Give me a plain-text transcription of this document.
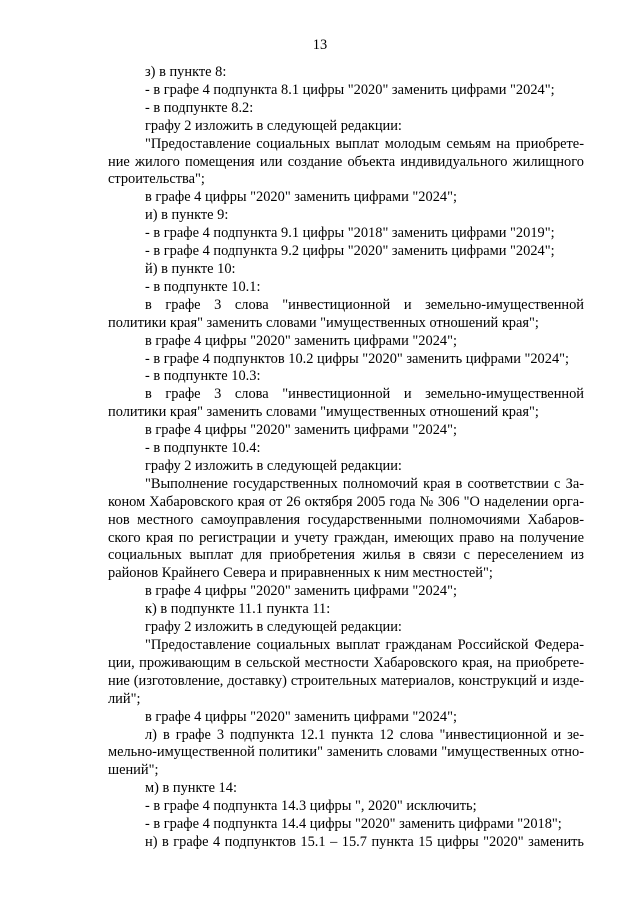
13

з) в пункте 8:

- в графе 4 подпункта 8.1 цифры "2020" заменить цифрами "2024";

- в подпункте 8.2:

графу 2 изложить в следующей редакции:

"Предоставление социальных выплат молодым семьям на приобретение жилого помещения или создание объекта индивидуального жилищного строительства";

в графе 4 цифры "2020" заменить цифрами "2024";

и) в пункте 9:

- в графе 4 подпункта 9.1 цифры "2018" заменить цифрами "2019";

- в графе 4 подпункта 9.2 цифры "2020" заменить цифрами "2024";

й) в пункте 10:

- в подпункте 10.1:

в графе 3 слова "инвестиционной и земельно-имущественной политики края" заменить словами "имущественных отношений края";

в графе 4 цифры "2020" заменить цифрами "2024";

- в графе 4 подпунктов 10.2 цифры "2020" заменить цифрами "2024";

- в подпункте 10.3:

в графе 3 слова "инвестиционной и земельно-имущественной политики края" заменить словами "имущественных отношений края";

в графе 4 цифры "2020" заменить цифрами "2024";

- в подпункте 10.4:

графу 2 изложить в следующей редакции:

"Выполнение государственных полномочий края в соответствии с Законом Хабаровского края от 26 октября 2005 года № 306 "О наделении органов местного самоуправления государственными полномочиями Хабаровского края по регистрации и учету граждан, имеющих право на получение социальных выплат для приобретения жилья в связи с переселением из районов Крайнего Севера и приравненных к ним местностей";

в графе 4 цифры "2020" заменить цифрами "2024";

к) в подпункте 11.1 пункта 11:

графу 2 изложить в следующей редакции:

"Предоставление социальных выплат гражданам Российской Федерации, проживающим в сельской местности Хабаровского края, на приобретение (изготовление, доставку) строительных материалов, конструкций и изделий";

в графе 4 цифры "2020" заменить цифрами "2024";

л) в графе 3 подпункта 12.1 пункта 12 слова "инвестиционной и земельно-имущественной политики" заменить словами "имущественных отношений";

м) в пункте 14:

- в графе 4 подпункта 14.3 цифры ", 2020" исключить;

- в графе 4 подпункта 14.4 цифры "2020" заменить цифрами "2018";

н) в графе 4 подпунктов 15.1 – 15.7 пункта 15 цифры "2020" заменить
